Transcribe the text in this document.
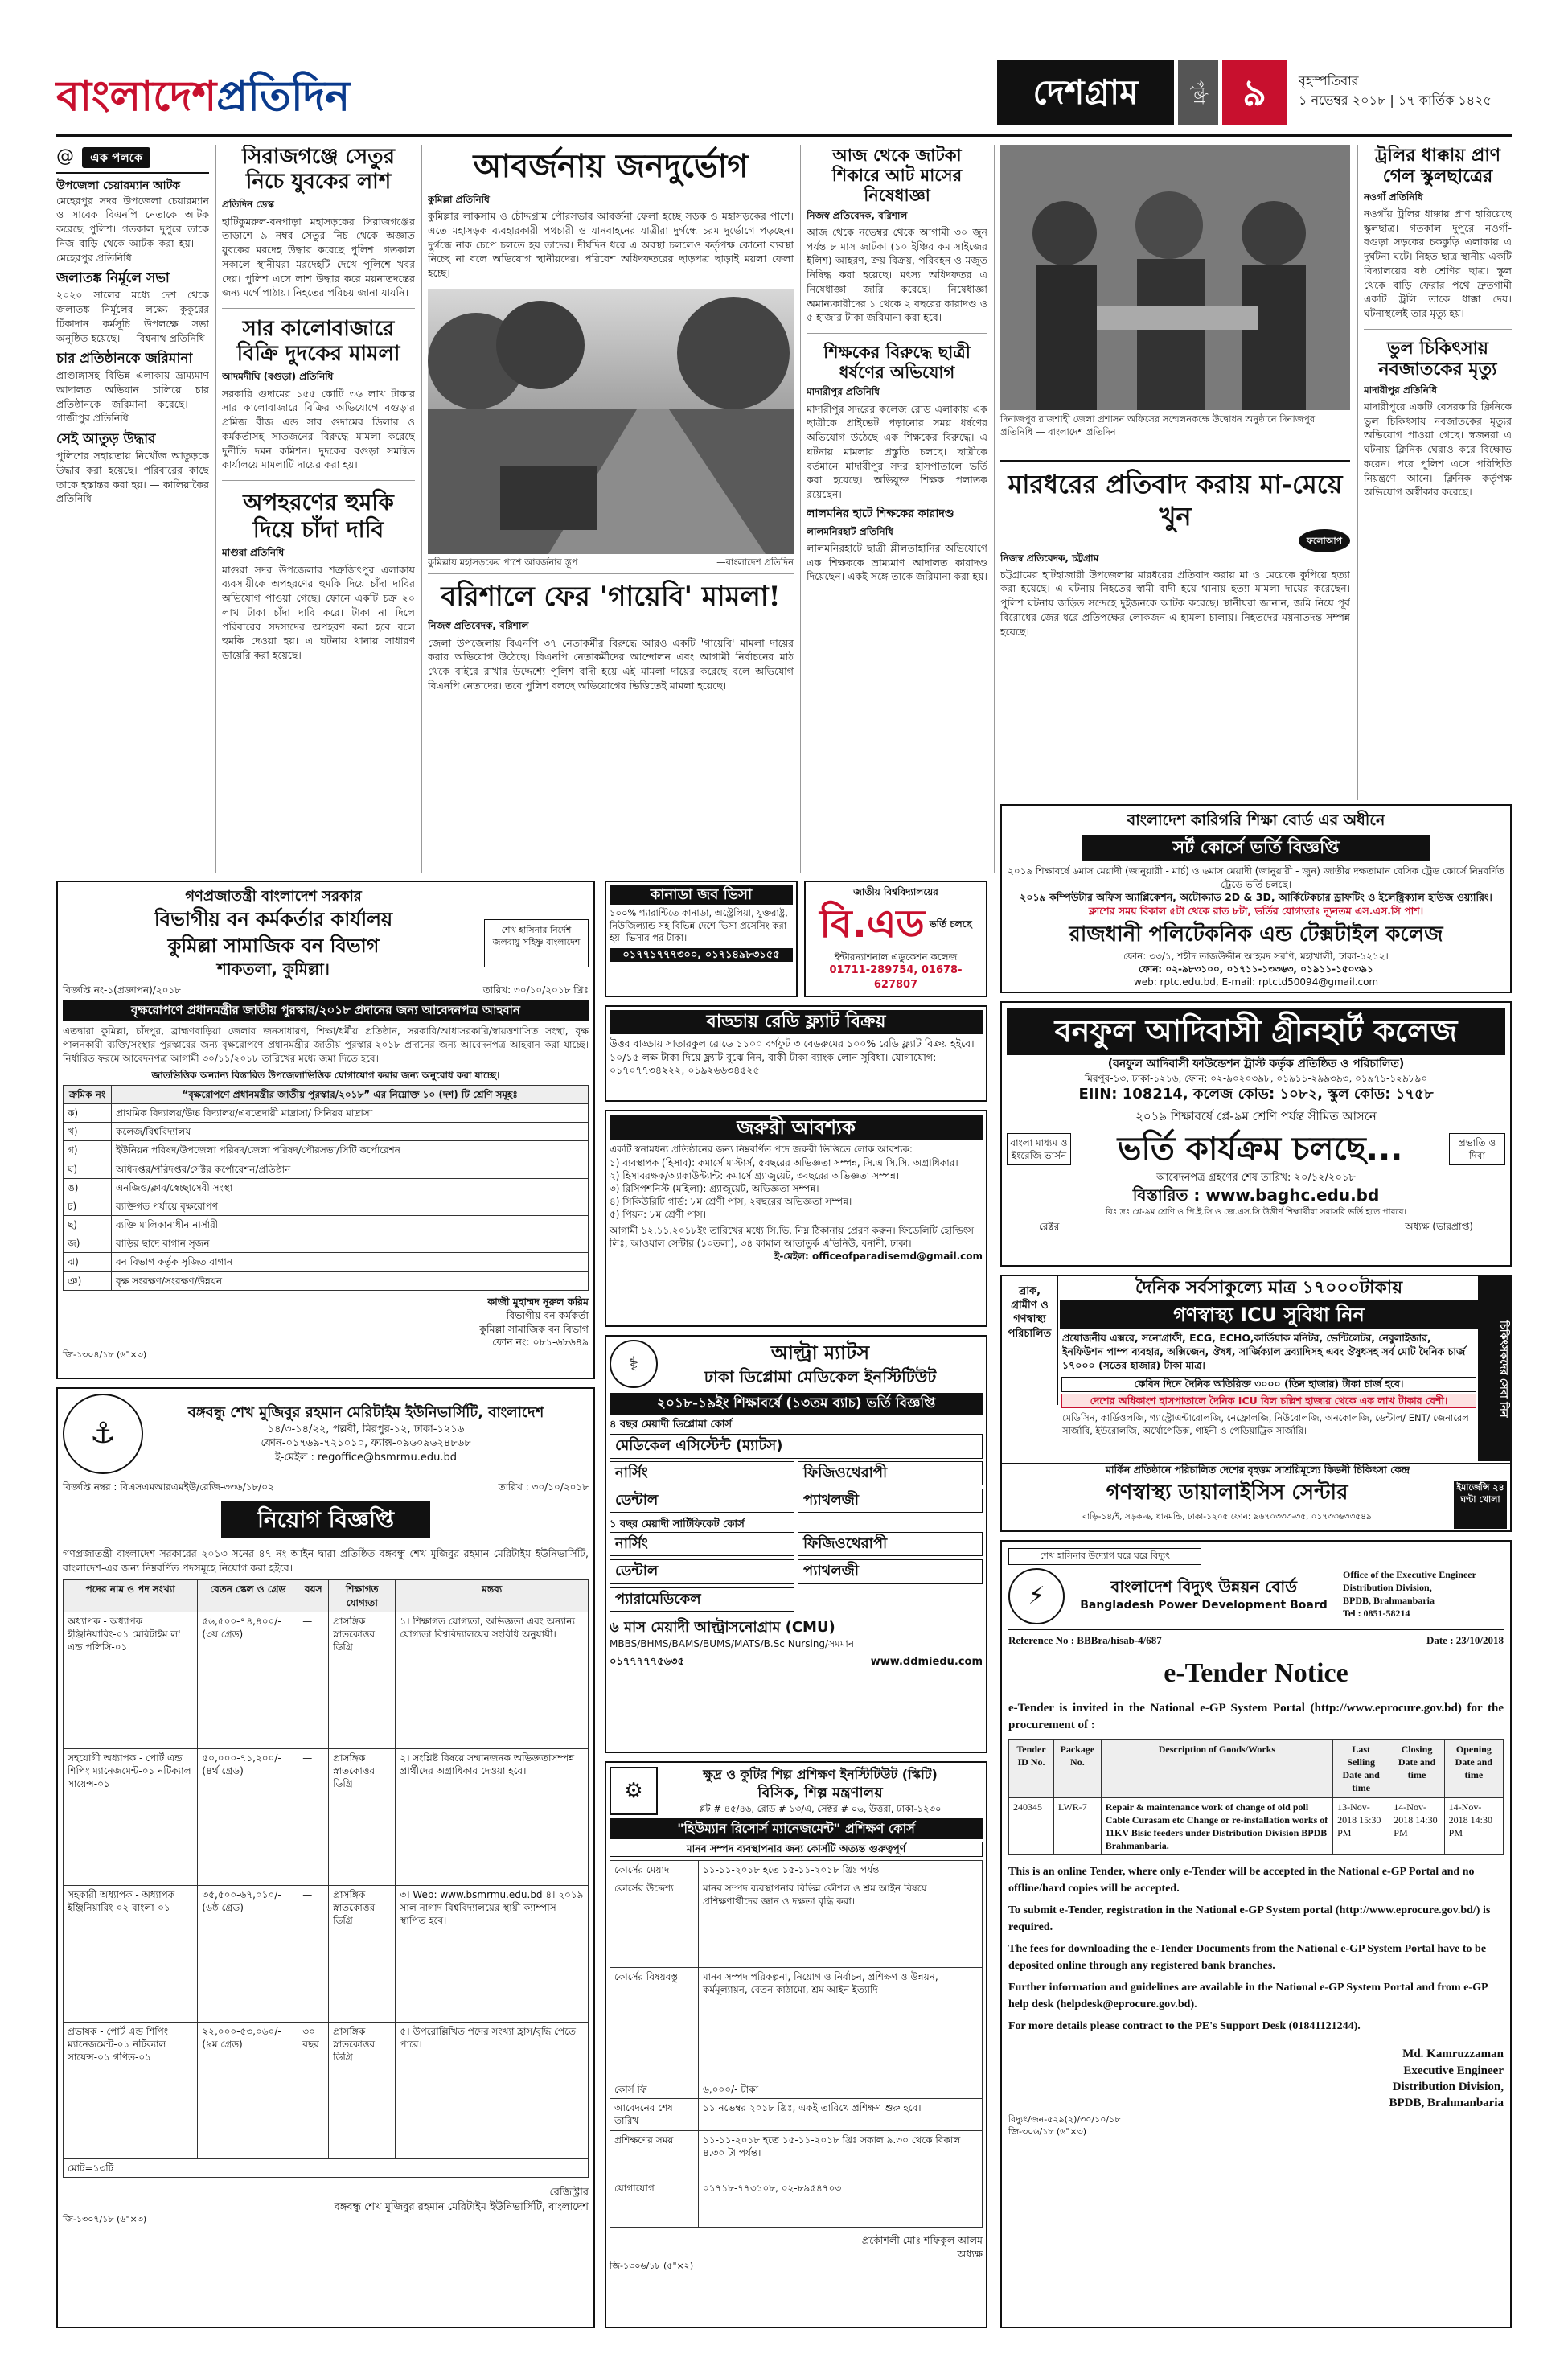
বাংলাদেশপ্রতিদিন	দেশগ্রাম	পৃষ্ঠা ৯	বৃহস্পতিবার
১ নভেম্বর ২০১৮ | ১৭ কার্তিক ১৪২৫
@ এক পলকে
উপজেলা চেয়ারম্যান আটক
মেহেরপুর সদর উপজেলা চেয়ারম্যান ও সাবেক বিএনপি নেতাকে আটক করেছে পুলিশ। গতকাল দুপুরে তাকে নিজ বাড়ি থেকে আটক করা হয়। — মেহেরপুর প্রতিনিধি
জলাতঙ্ক নির্মূলে সভা
২০২০ সালের মধ্যে দেশ থেকে জলাতঙ্ক নির্মূলের লক্ষ্যে কুকুরের টিকাদান কর্মসূচি উপলক্ষে সভা অনুষ্ঠিত হয়েছে। — বিশ্বনাথ প্রতিনিধি
চার প্রতিষ্ঠানকে জরিমানা
প্রাণ্ডাঙ্গাসহ বিভিন্ন এলাকায় ভ্রাম্যমাণ আদালত অভিযান চালিয়ে চার প্রতিষ্ঠানকে জরিমানা করেছে। — গাজীপুর প্রতিনিধি
সেই আতুড় উদ্ধার
পুলিশের সহায়তায় নিখোঁজ আতুড়কে উদ্ধার করা হয়েছে। পরিবারের কাছে তাকে হস্তান্তর করা হয়। — কালিয়াকৈর প্রতিনিধি
সিরাজগঞ্জে সেতুর নিচে যুবকের লাশ
প্রতিদিন ডেস্ক
হাটিকুমরুল-বনপাড়া মহাসড়কের সিরাজগঞ্জের তাড়াশে ৯ নম্বর সেতুর নিচ থেকে অজ্ঞাত যুবকের মরদেহ উদ্ধার করেছে পুলিশ। গতকাল সকালে স্থানীয়রা মরদেহটি দেখে পুলিশে খবর দেয়। পুলিশ এসে লাশ উদ্ধার করে ময়নাতদন্তের জন্য মর্গে পাঠায়। নিহতের পরিচয় জানা যায়নি।
সার কালোবাজারে বিক্রি দুদকের মামলা
আদমদীঘি (বগুড়া) প্রতিনিধি
সরকারি গুদামের ১৫৫ কোটি ৩৬ লাখ টাকার সার কালোবাজারে বিক্রির অভিযোগে বগুড়ার প্রমিজ বীজ এন্ড সার গুদামের ডিলার ও কর্মকর্তাসহ সাতজনের বিরুদ্ধে মামলা করেছে দুর্নীতি দমন কমিশন। দুদকের বগুড়া সমন্বিত কার্যালয়ে মামলাটি দায়ের করা হয়।
অপহরণের হুমকি দিয়ে চাঁদা দাবি
মাগুরা প্রতিনিধি
মাগুরা সদর উপজেলার শত্রুজিৎপুর এলাকায় ব্যবসায়ীকে অপহরণের হুমকি দিয়ে চাঁদা দাবির অভিযোগ পাওয়া গেছে। ফোনে একটি চক্র ২০ লাখ টাকা চাঁদা দাবি করে। টাকা না দিলে পরিবারের সদস্যদের অপহরণ করা হবে বলে হুমকি দেওয়া হয়। এ ঘটনায় থানায় সাধারণ ডায়েরি করা হয়েছে।
আবর্জনায় জনদুর্ভোগ
কুমিল্লা প্রতিনিধি
কুমিল্লার লাকসাম ও চৌদ্দগ্রাম পৌরসভার আবর্জনা ফেলা হচ্ছে সড়ক ও মহাসড়কের পাশে। এতে মহাসড়ক ব্যবহারকারী পথচারী ও যানবাহনের যাত্রীরা দুর্গন্ধে চরম দুর্ভোগে পড়ছেন। দুর্গন্ধে নাক চেপে চলতে হয় তাদের। দীর্ঘদিন ধরে এ অবস্থা চললেও কর্তৃপক্ষ কোনো ব্যবস্থা নিচ্ছে না বলে অভিযোগ স্থানীয়দের। পরিবেশ অধিদফতরের ছাড়পত্র ছাড়াই ময়লা ফেলা হচ্ছে।
কুমিল্লায় মহাসড়কের পাশে আবর্জনার স্তূপ	—বাংলাদেশ প্রতিদিন
বরিশালে ফের 'গায়েবি' মামলা!
নিজস্ব প্রতিবেদক, বরিশাল
জেলা উপজেলায় বিএনপি ৩৭ নেতাকর্মীর বিরুদ্ধে আরও একটি 'গায়েবি' মামলা দায়ের করার অভিযোগ উঠেছে। বিএনপি নেতাকর্মীদের আন্দোলন এবং আগামী নির্বাচনের মাঠ থেকে বাইরে রাখার উদ্দেশ্যে পুলিশ বাদী হয়ে এই মামলা দায়ের করেছে বলে অভিযোগ বিএনপি নেতাদের। তবে পুলিশ বলছে অভিযোগের ভিত্তিতেই মামলা হয়েছে।
আজ থেকে জাটকা শিকারে আট মাসের নিষেধাজ্ঞা
নিজস্ব প্রতিবেদক, বরিশাল
আজ থেকে নভেম্বর থেকে আগামী ৩০ জুন পর্যন্ত ৮ মাস জাটকা (১০ ইঞ্চির কম সাইজের ইলিশ) আহরণ, ক্রয়-বিক্রয়, পরিবহন ও মজুত নিষিদ্ধ করা হয়েছে। মৎস্য অধিদফতর এ নিষেধাজ্ঞা জারি করেছে। নিষেধাজ্ঞা অমান্যকারীদের ১ থেকে ২ বছরের কারাদণ্ড ও ৫ হাজার টাকা জরিমানা করা হবে।
শিক্ষকের বিরুদ্ধে ছাত্রী ধর্ষণের অভিযোগ
মাদারীপুর প্রতিনিধি
মাদারীপুর সদরের কলেজ রোড এলাকায় এক ছাত্রীকে প্রাইভেট পড়ানোর সময় ধর্ষণের অভিযোগ উঠেছে এক শিক্ষকের বিরুদ্ধে। এ ঘটনায় মামলার প্রস্তুতি চলছে। ছাত্রীকে বর্তমানে মাদারীপুর সদর হাসপাতালে ভর্তি করা হয়েছে। অভিযুক্ত শিক্ষক পলাতক রয়েছেন।
লালমনির হাটে শিক্ষকের কারাদণ্ড
লালমনিরহাট প্রতিনিধি
লালমনিরহাটে ছাত্রী শ্লীলতাহানির অভিযোগে এক শিক্ষককে ভ্রাম্যমাণ আদালত কারাদণ্ড দিয়েছেন। একই সঙ্গে তাকে জরিমানা করা হয়।
দিনাজপুর রাজশাহী জেলা প্রশাসন অফিসের সম্মেলনকক্ষে উদ্বোধন অনুষ্ঠানে দিনাজপুর প্রতিনিধি — বাংলাদেশ প্রতিদিন
মারধরের প্রতিবাদ করায় মা-মেয়ে খুন
ফলোআপ
নিজস্ব প্রতিবেদক, চট্টগ্রাম
চট্টগ্রামের হাটহাজারী উপজেলায় মারধরের প্রতিবাদ করায় মা ও মেয়েকে কুপিয়ে হত্যা করা হয়েছে। এ ঘটনায় নিহতের স্বামী বাদী হয়ে থানায় হত্যা মামলা দায়ের করেছেন। পুলিশ ঘটনায় জড়িত সন্দেহে দুইজনকে আটক করেছে। স্থানীয়রা জানান, জমি নিয়ে পূর্ব বিরোধের জের ধরে প্রতিপক্ষের লোকজন এ হামলা চালায়। নিহতদের ময়নাতদন্ত সম্পন্ন হয়েছে।
ট্রলির ধাক্কায় প্রাণ গেল স্কুলছাত্রের
নওগাঁ প্রতিনিধি
নওগাঁয় ট্রলির ধাক্কায় প্রাণ হারিয়েছে স্কুলছাত্র। গতকাল দুপুরে নওগাঁ-বগুড়া সড়কের চককুড়ি এলাকায় এ দুর্ঘটনা ঘটে। নিহত ছাত্র স্থানীয় একটি বিদ্যালয়ের ষষ্ঠ শ্রেণির ছাত্র। স্কুল থেকে বাড়ি ফেরার পথে দ্রুতগামী একটি ট্রলি তাকে ধাক্কা দেয়। ঘটনাস্থলেই তার মৃত্যু হয়।
ভুল চিকিৎসায় নবজাতকের মৃত্যু
মাদারীপুর প্রতিনিধি
মাদারীপুরে একটি বেসরকারি ক্লিনিকে ভুল চিকিৎসায় নবজাতকের মৃত্যুর অভিযোগ পাওয়া গেছে। স্বজনরা এ ঘটনায় ক্লিনিক ঘেরাও করে বিক্ষোভ করেন। পরে পুলিশ এসে পরিস্থিতি নিয়ন্ত্রণে আনে। ক্লিনিক কর্তৃপক্ষ অভিযোগ অস্বীকার করেছে।
বাংলাদেশ কারিগরি শিক্ষা বোর্ড এর অধীনে
সর্ট কোর্সে ভর্তি বিজ্ঞপ্তি
২০১৯ শিক্ষাবর্ষে ৬মাস মেয়াদী (জানুয়ারী - মার্চ) ও ৬মাস মেয়াদী (জানুয়ারী - জুন) জাতীয় দক্ষতামান বেসিক ট্রেড কোর্সে নিম্নবর্ণিত ট্রেডে ভর্তি চলছে।
২০১৯ কম্পিউটার অফিস অ্যাপ্লিকেশন, অটোক্যাড 2D & 3D, আর্কিটেকচার ড্রাফটিং ও ইলেক্ট্রিক্যাল হাউজ ওয়্যারিং।
ক্লাশের সময় বিকাল ৫টা থেকে রাত ৮টা, ভর্তির যোগ্যতাঃ ন্যূনতম এস.এস.সি পাশ।
রাজধানী পলিটেকনিক এন্ড টেক্সটাইল কলেজ
ফোন: ৩৩/১, শহীদ তাজউদ্দীন আহমদ সরণি, মহাখালী, ঢাকা-১২১২।
ফোন: ০২-৯৮৩১০০, ০১৭১১-১৩৩৬৩, ০১৯১১-১৫০৩৯১
web: rptc.edu.bd, E-mail: rptctd50094@gmail.com
বনফুল আদিবাসী গ্রীনহার্ট কলেজ
(বনফুল আদিবাসী ফাউন্ডেশন ট্রাস্ট কর্তৃক প্রতিষ্ঠিত ও পরিচালিত)
মিরপুর-১৩, ঢাকা-১২১৬, ফোন: ০২-৯০২০৩৯৮, ০১৯১১-২৯৯৩৯৩, ০১৯৭১-১২৯৮৯০
EIIN: 108214, কলেজ কোড: ১০৮২, স্কুল কোড: ১৭৫৮
২০১৯ শিক্ষাবর্ষে প্লে-৯ম শ্রেণি পর্যন্ত সীমিত আসনে
বাংলা মাধ্যম ও ইংরেজি ভার্সন	ভর্তি কার্যক্রম চলছে...	প্রভাতি ও দিবা
আবেদনপত্র গ্রহণের শেষ তারিখ: ২০/১২/২০১৮
বিস্তারিত : www.baghc.edu.bd
বিঃ দ্রঃ প্লে-৯ম শ্রেণি ও পি.ই.সি ও জে.এস.সি উত্তীর্ণ শিক্ষার্থীরা সরাসরি ভর্তি হতে পারবে।
রেক্টর	অধ্যক্ষ (ভারপ্রাপ্ত)
ব্রাক, গ্রামীণ ও গণস্বাস্থ্য পরিচালিত
দৈনিক সর্বসাকুল্যে মাত্র ১৭০০০টাকায়
গণস্বাস্থ্য ICU সুবিধা নিন
প্রয়োজনীয় এক্সরে, সনোগ্রাফী, ECG, ECHO,কার্ডিয়াক মনিটর, ভেন্টিলেটর, নেবুলাইজার, ইনফিউশন পাম্প ব্যবহার, অক্সিজেন, ঔষধ, সার্জিক্যাল দ্রব্যাদিসহ এবং ঔষুধসহ সর্ব মোট দৈনিক চার্জ ১৭০০০ (সতের হাজার) টাকা মাত্র।
কেবিন দিনে দৈনিক অতিরিক্ত ৩০০০ (তিন হাজার) টাকা চার্জ হবে।
দেশের অধিকাংশ হাসপাতালে দৈনিক ICU বিল চল্লিশ হাজার থেকে এক লাখ টাকার বেশী।
মেডিসিন, কার্ডিওলজি, গ্যাস্ট্রোএন্টারোলজি, নেফ্রোলজি, নিউরোলজি, অনকোলজি, ডেন্টাল/ ENT/ জেনারেল সার্জারি, ইউরোলজি, অর্থোপেডিক্স, গাইনী ও পেডিয়াট্রিক সার্জারি।
চিকিৎসকদের সেবা নিন
মার্কিন প্রতিষ্ঠানে পরিচালিত দেশের বৃহত্তম সাশ্রয়িমূল্যে কিডনী চিকিৎসা কেন্দ্র
গণস্বাস্থ্য ডায়ালাইসিস সেন্টার
বাড়ি-১৪/ই, সড়ক-৬, ধানমন্ডি, ঢাকা-১২০৫ ফোন: ৯৬৭০৩৩৩-৩৫, ০১৭৩৩৬৩৩৫৪৯
ইমার্জেন্সি ২৪ ঘণ্টা খোলা
গণপ্রজাতন্ত্রী বাংলাদেশ সরকার
বিভাগীয় বন কর্মকর্তার কার্যালয়
কুমিল্লা সামাজিক বন বিভাগ
শাকতলা, কুমিল্লা।
শেখ হাসিনার নির্দেশ জলবায়ু সহিষ্ণু বাংলাদেশ
বিজ্ঞপ্তি নং-১(প্রজ্ঞাপন)/২০১৮	তারিখ: ৩০/১০/২০১৮ খ্রিঃ
বৃক্ষরোপণে প্রধানমন্ত্রীর জাতীয় পুরস্কার/২০১৮ প্রদানের জন্য আবেদনপত্র আহবান
এতদ্বারা কুমিল্লা, চাঁদপুর, ব্রাহ্মণবাড়িয়া জেলার জনসাধারণ, শিক্ষা/ধর্মীয় প্রতিষ্ঠান, সরকারি/আধাসরকারি/স্বায়ত্তশাসিত সংস্থা, বৃক্ষ পালনকারী ব্যক্তি/সংস্থার পুরস্কারের জন্য বৃক্ষরোপণে প্রধানমন্ত্রীর জাতীয় পুরস্কার-২০১৮ প্রদানের জন্য আবেদনপত্র আহবান করা যাচ্ছে। নির্ধারিত ফরমে আবেদনপত্র আগামী ৩০/১১/২০১৮ তারিখের মধ্যে জমা দিতে হবে।
জাতভিত্তিক অন্যান্য বিস্তারিত উপজেলাভিত্তিক যোগাযোগ করার জন্য অনুরোধ করা যাচ্ছে।
ক্রমিক নং	“বৃক্ষরোপণে প্রধানমন্ত্রীর জাতীয় পুরস্কার/২০১৮” এর নিম্নোক্ত ১০ (দশ) টি শ্রেণি সমূহঃ
ক)	প্রাথমিক বিদ্যালয়/উচ্চ বিদ্যালয়/এবতেদায়ী মাদ্রাসা/ সিনিয়র মাদ্রাসা
খ)	কলেজ/বিশ্ববিদ্যালয়
গ)	ইউনিয়ন পরিষদ/উপজেলা পরিষদ/জেলা পরিষদ/পৌরসভা/সিটি কর্পোরেশন
ঘ)	অধিদপ্তর/পরিদপ্তর/সেক্টর কর্পোরেশন/প্রতিষ্ঠান
ঙ)	এনজিও/ক্লাব/স্বেচ্ছাসেবী সংস্থা
চ)	ব্যক্তিগত পর্যায়ে বৃক্ষরোপণ
ছ)	ব্যক্তি মালিকানাধীন নার্সারী
জ)	বাড়ির ছাদে বাগান সৃজন
ঝ)	বন বিভাগ কর্তৃক সৃজিত বাগান
ঞ)	বৃক্ষ সংরক্ষণ/সংরক্ষণ/উন্নয়ন
কাজী মুহাম্মদ নূরুল করিম
বিভাগীয় বন কর্মকর্তা
কুমিল্লা সামাজিক বন বিভাগ
ফোন নং: ০৮১-৬৮৬৪৯
জি-১৩০৪/১৮ (৬"×৩)
কানাডা জব ভিসা
১০০% গ্যারান্টিতে কানাডা, অস্ট্রেলিয়া, যুক্তরাষ্ট্র, নিউজিল্যান্ড সহ বিভিন্ন দেশে ভিসা প্রসেসিং করা হয়। ভিসার পর টাকা।
০১৭৭১৭৭৭৩০০, ০১৭১৪৯৮৩১৫৫
জাতীয় বিশ্ববিদ্যালয়ের
বি.এড ভর্তি চলছে
ইন্টারন্যাশনাল এডুকেশন কলেজ
01711-289754, 01678-627807
বাড্ডায় রেডি ফ্ল্যাট বিক্রয়
উত্তর বাড্ডায় সাতারকুল রোডে ১১০০ বর্গফুট ৩ বেডরুমের ১০০% রেডি ফ্ল্যাট বিক্রয় হইবে। ১০/১৫ লক্ষ টাকা দিয়ে ফ্ল্যাট বুঝে নিন, বাকী টাকা ব্যাংক লোন সুবিধা। যোগাযোগ: ০১৭০৭৭৩৪২২২, ০১৯২৬৬৩৪৫২৫
জরুরী আবশ্যক
একটি স্বনামধন্য প্রতিষ্ঠানের জন্য নিম্নবর্ণিত পদে জরুরী ভিত্তিতে লোক আবশ্যক:
১) ব্যবস্থাপক (হিসাব): কমার্সে মাস্টার্স, ৫বছরের অভিজ্ঞতা সম্পন্ন, সি.এ সি.সি. অগ্রাধিকার।
২) হিসাবরক্ষক/অ্যাকাউন্ট্যান্ট: কমার্সে গ্র্যাজুয়েট, ৩বছরের অভিজ্ঞতা সম্পন্ন।
৩) রিসিপশনিস্ট (মহিলা): গ্র্যাজুয়েট, অভিজ্ঞতা সম্পন্ন।
৪) সিকিউরিটি গার্ড: ৮ম শ্রেণী পাস, ২বছরের অভিজ্ঞতা সম্পন্ন।
৫) পিয়ন: ৮ম শ্রেণী পাস।
আগামী ১২.১১.২০১৮ইং তারিখের মধ্যে সি.ভি. নিম্ন ঠিকানায় প্রেরণ করুন। ফিডেলিটি হোল্ডিংস লিঃ, আওয়াল সেন্টার (১০তলা), ৩৪ কামাল আতাতুর্ক এভিনিউ, বনানী, ঢাকা।
ই-মেইল: officeofparadisemd@gmail.com
⚕	আল্ট্রা ম্যাটস
ঢাকা ডিপ্লোমা মেডিকেল ইনস্টিটিউট
২০১৮-১৯ইং শিক্ষাবর্ষে (১৩তম ব্যাচ) ভর্তি বিজ্ঞপ্তি
৪ বছর মেয়াদী ডিপ্লোমা কোর্স
মেডিকেল এসিস্টেন্ট (ম্যাটস)
নার্সিং	ফিজিওথেরাপী
ডেন্টাল	প্যাথলজী
১ বছর মেয়াদী সার্টিফিকেট কোর্স
নার্সিং	ফিজিওথেরাপী
ডেন্টাল	প্যাথলজী
প্যারামেডিকেল
৬ মাস মেয়াদী আল্ট্রাসনোগ্রাম (CMU)
MBBS/BHMS/BAMS/BUMS/MATS/B.Sc Nursing/সমমান
০১৭৭৭৭৭৫৬৩৫	www.ddmiedu.com
⚓
বঙ্গবন্ধু শেখ মুজিবুর রহমান মেরিটাইম ইউনিভার্সিটি, বাংলাদেশ
১৪/৩-১৪/২২, পল্লবী, মিরপুর-১২, ঢাকা-১২১৬
ফোন-০১৭৬৯-৭২১০১০, ফ্যাক্স-০৯৬০৯৬২৪৮৬৮
ই-মেইল : regoffice@bsmrmu.edu.bd
বিজ্ঞপ্তি নম্বর : বিএসএমআরএমইউ/রেজি-৩৩৬/১৮/০২	তারিখ : ৩০/১০/২০১৮
নিয়োগ বিজ্ঞপ্তি
গণপ্রজাতন্ত্রী বাংলাদেশ সরকারের ২০১৩ সনের ৪৭ নং আইন দ্বারা প্রতিষ্ঠিত বঙ্গবন্ধু শেখ মুজিবুর রহমান মেরিটাইম ইউনিভার্সিটি, বাংলাদেশ-এর জন্য নিম্নবর্ণিত পদসমূহে নিয়োগ করা হইবে।
পদের নাম ও পদ সংখ্যা	বেতন স্কেল ও গ্রেড	বয়স	শিক্ষাগত যোগ্যতা	মন্তব্য
অধ্যাপক - অধ্যাপক ইঞ্জিনিয়ারিং-০১ মেরিটাইম ল' এন্ড পলিসি-০১	৫৬,৫০০-৭৪,৪০০/- (৩য় গ্রেড)	—	প্রাসঙ্গিক স্নাতকোত্তর ডিগ্রি	১। শিক্ষাগত যোগ্যতা, অভিজ্ঞতা এবং অন্যান্য যোগ্যতা বিশ্ববিদ্যালয়ের সংবিধি অনুযায়ী।
সহযোগী অধ্যাপক - পোর্ট এন্ড শিপিং ম্যানেজমেন্ট-০১ নটিক্যাল সায়েন্স-০১	৫০,০০০-৭১,২০০/- (৪র্থ গ্রেড)	—	প্রাসঙ্গিক স্নাতকোত্তর ডিগ্রি	২। সংশ্লিষ্ট বিষয়ে সম্মানজনক অভিজ্ঞতাসম্পন্ন প্রার্থীদের অগ্রাধিকার দেওয়া হবে।
সহকারী অধ্যাপক - অধ্যাপক ইঞ্জিনিয়ারিং-০২ বাংলা-০১	৩৫,৫০০-৬৭,০১০/- (৬ষ্ঠ গ্রেড)	—	প্রাসঙ্গিক স্নাতকোত্তর ডিগ্রি	৩। Web: www.bsmrmu.edu.bd ৪। ২০১৯ সাল নাগাদ বিশ্ববিদ্যালয়ের স্থায়ী ক্যাম্পাস স্থাপিত হবে।
প্রভাষক - পোর্ট এন্ড শিপিং ম্যানেজমেন্ট-০১ নটিক্যাল সায়েন্স-০১ গণিত-০১	২২,০০০-৫৩,০৬০/- (৯ম গ্রেড)	৩০ বছর	প্রাসঙ্গিক স্নাতকোত্তর ডিগ্রি	৫। উপরোল্লিখিত পদের সংখ্যা হ্রাস/বৃদ্ধি পেতে পারে।
মোট=১৩টি				
রেজিস্ট্রার
বঙ্গবন্ধু শেখ মুজিবুর রহমান মেরিটাইম ইউনিভার্সিটি, বাংলাদেশ
জি-১৩০৭/১৮ (৬"×৩)
⚙
ক্ষুদ্র ও কুটির শিল্প প্রশিক্ষণ ইনস্টিটিউট (স্কিটি)
বিসিক, শিল্প মন্ত্রণালয়
প্লট # ৪৫/৪৬, রোড # ১৩/এ, সেক্টর # ০৬, উত্তরা, ঢাকা-১২৩০
"হিউম্যান রিসোর্স ম্যানেজমেন্ট" প্রশিক্ষণ কোর্স
মানব সম্পদ ব্যবস্থাপনার জন্য কোর্সটি অত্যন্ত গুরুত্বপূর্ণ
কোর্সের মেয়াদ	১১-১১-২০১৮ হতে ১৫-১১-২০১৮ খ্রিঃ পর্যন্ত
কোর্সের উদ্দেশ্য	মানব সম্পদ ব্যবস্থাপনার বিভিন্ন কৌশল ও শ্রম আইন বিষয়ে প্রশিক্ষণার্থীদের জ্ঞান ও দক্ষতা বৃদ্ধি করা।
কোর্সের বিষয়বস্তু	মানব সম্পদ পরিকল্পনা, নিয়োগ ও নির্বাচন, প্রশিক্ষণ ও উন্নয়ন, কর্মমূল্যায়ন, বেতন কাঠামো, শ্রম আইন ইত্যাদি।
কোর্স ফি	৬,০০০/- টাকা
আবেদনের শেষ তারিখ	১১ নভেম্বর ২০১৮ খ্রিঃ, একই তারিখে প্রশিক্ষণ শুরু হবে।
প্রশিক্ষণের সময়	১১-১১-২০১৮ হতে ১৫-১১-২০১৮ খ্রিঃ সকাল ৯.৩০ থেকে বিকাল ৪.৩০ টা পর্যন্ত।
যোগাযোগ	০১৭১৮-৭৭৩১০৮, ০২-৮৯৫৪৭০৩
প্রকৌশলী মোঃ শফিকুল আলম
অধ্যক্ষ
জি-১৩০৬/১৮ (৫"×২)
শেখ হাসিনার উদ্যোগ ঘরে ঘরে বিদ্যুৎ
⚡	বাংলাদেশ বিদ্যুৎ উন্নয়ন বোর্ড
Bangladesh Power Development Board
Office of the Executive Engineer
Distribution Division,
BPDB, Brahmanbaria
Tel : 0851-58214
Reference No : BBBra/hisab-4/687	Date : 23/10/2018
e-Tender Notice
e-Tender is invited in the National e-GP System Portal (http://www.eprocure.gov.bd) for the procurement of :
Tender ID No.	Package No.	Description of Goods/Works	Last Selling Date and time	Closing Date and time	Opening Date and time
240345	LWR-7	Repair & maintenance work of change of old poll Cable Curasam etc Change or re-installation works of 11KV Bisic feeders under Distribution Division BPDB Brahmanbaria.	13-Nov-2018 15:30 PM	14-Nov-2018 14:30 PM	14-Nov-2018 14:30 PM

This is an online Tender, where only e-Tender will be accepted in the National e-GP Portal and no offline/hard copies will be accepted.

To submit e-Tender, registration in the National e-GP System portal (http://www.eprocure.gov.bd/) is required.

The fees for downloading the e-Tender Documents from the National e-GP System Portal have to be deposited online through any registered bank branches.

Further information and guidelines are available in the National e-GP System Portal and from e-GP help desk (helpdesk@eprocure.gov.bd).

For more details please contract to the PE's Support Desk (01841121244).

Md. Kamruzzaman
Executive Engineer
Distribution Division,
BPDB, Brahmanbaria
বিদ্যুৎ/জন-৫২৯(২)/৩০/১০/১৮
জি-৩০৬/১৮ (৬"×৩)
